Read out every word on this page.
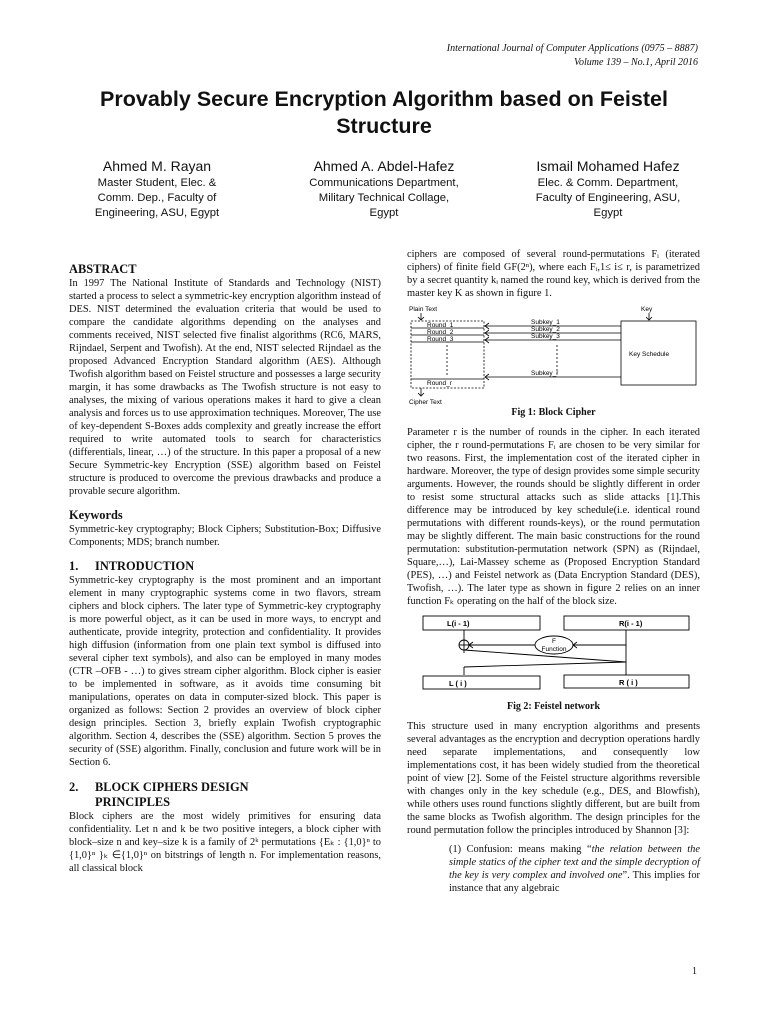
International Journal of Computer Applications (0975 – 8887)
Volume 139 – No.1, April 2016
Provably Secure Encryption Algorithm based on Feistel
Structure
Ahmed M. Rayan
Master Student, Elec. &
Comm. Dep., Faculty of
Engineering, ASU, Egypt
Ahmed A. Abdel-Hafez
Communications Department,
Military Technical Collage,
Egypt
Ismail Mohamed Hafez
Elec. & Comm. Department,
Faculty of Engineering, ASU,
Egypt
ABSTRACT

In 1997 The National Institute of Standards and Technology (NIST) started a process to select a symmetric-key encryption algorithm instead of DES. NIST determined the evaluation criteria that would be used to compare the candidate algorithms depending on the analyses and comments received, NIST selected five finalist algorithms (RC6, MARS, Rijndael, Serpent and Twofish). At the end, NIST selected Rijndael as the proposed Advanced Encryption Standard algorithm (AES). Although Twofish algorithm based on Feistel structure and possesses a large security margin, it has some drawbacks as The Twofish structure is not easy to analyses, the mixing of various operations makes it hard to give a clean analysis and forces us to use approximation techniques. Moreover, The use of key-dependent S-Boxes adds complexity and greatly increase the effort required to write automated tools to search for characteristics (differentials, linear, …) of the structure. In this paper a proposal of a new Secure Symmetric-key Encryption (SSE) algorithm based on Feistel structure is produced to overcome the previous drawbacks and produce a provable secure algorithm.

Keywords

Symmetric-key cryptography; Block Ciphers; Substitution-Box; Diffusive Components; MDS; branch number.

1. INTRODUCTION

Symmetric-key cryptography is the most prominent and an important element in many cryptographic systems come in two flavors, stream ciphers and block ciphers. The later type of Symmetric-key cryptography is more powerful object, as it can be used in more ways, to encrypt and authenticate, provide integrity, protection and confidentiality. It provides high diffusion (information from one plain text symbol is diffused into several cipher text symbols), and also can be employed in many modes (CTR –OFB - …) to gives stream cipher algorithm. Block cipher is easier to be implemented in software, as it avoids time consuming bit manipulations, operates on data in computer-sized block. This paper is organized as follows: Section 2 provides an overview of block cipher design principles. Section 3, briefly explain Twofish cryptographic algorithm. Section 4, describes the (SSE) algorithm. Section 5 proves the security of (SSE) algorithm. Finally, conclusion and future work will be in Section 6.

2. BLOCK CIPHERS DESIGN
PRINCIPLES

Block ciphers are the most widely primitives for ensuring data confidentiality. Let n and k be two positive integers, a block cipher with block–size n and key–size k is a family of 2ᵏ permutations {Eₖ : {1,0}ⁿ to {1,0}ⁿ }ₖ ∈{1,0}ⁿ on bitstrings of length n. For implementation reasons, all classical block

ciphers are composed of several round-permutations Fᵢ (iterated ciphers) of finite field GF(2ⁿ), where each Fᵢ,1≤ i≤ r, is parametrized by a secret quantity kᵢ named the round key, which is derived from the master key K as shown in figure 1.

Plain Text	Key
Round_1
Round_2
Round_3
Round_r
Subkey_1
Subkey_2
Subkey_3
Subkey_r
Key Schedule
Cipher Text
Fig 1: Block Cipher

Parameter r is the number of rounds in the cipher. In each iterated cipher, the r round-permutations Fᵢ are chosen to be very similar for two reasons. First, the implementation cost of the iterated cipher in hardware. Moreover, the type of design provides some simple security arguments. However, the rounds should be slightly different in order to resist some structural attacks such as slide attacks [1].This difference may be introduced by key schedule(i.e. identical round permutations with different rounds-keys), or the round permutation may be slightly different. The main basic constructions for the round permutation: substitution-permutation network (SPN) as (Rijndael, Square,…), Lai-Massey scheme as (Proposed Encryption Standard (PES), …) and Feistel network as (Data Encryption Standard (DES), Twofish, …). The later type as shown in figure 2 relies on an inner function Fₖ operating on the half of the block size.

L(i - 1)	R(i - 1)
L ( i )	R ( i )
F
Function
Fig 2: Feistel network

This structure used in many encryption algorithms and presents several advantages as the encryption and decryption operations hardly need separate implementations, and consequently low implementations cost, it has been widely studied from the theoretical point of view [2]. Some of the Feistel structure algorithms reversible with changes only in the key schedule (e.g., DES, and Blowfish), while others uses round functions slightly different, but are built from the same blocks as Twofish algorithm. The design principles for the round permutation follow the principles introduced by Shannon [3]:

(1) Confusion: means making “the relation between the simple statics of the cipher text and the simple decryption of the key is very complex and involved one”. This implies for instance that any algebraic

1
